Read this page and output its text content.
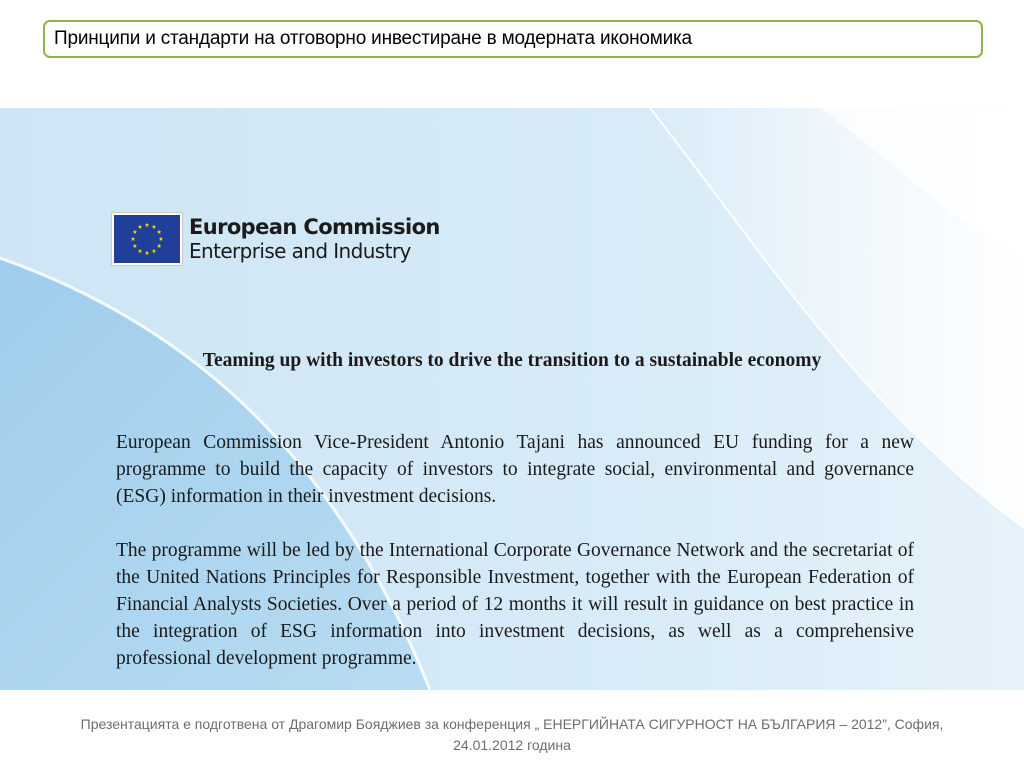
Принципи и стандарти на отговорно инвестиране в модерната икономика
European Commission
Enterprise and Industry
Teaming up with investors to drive the transition to a sustainable economy

European Commission Vice-President Antonio Tajani has announced EU funding for a new programme to build the capacity of investors to integrate social, environmental and governance (ESG) information in their investment decisions.

The programme will be led by the International Corporate Governance Network and the secretariat of the United Nations Principles for Responsible Investment, together with the European Federation of Financial Analysts Societies. Over a period of 12 months it will result in guidance on best practice in the integration of ESG information into investment decisions, as well as a comprehensive professional development programme.

Презентацията е подготвена от Драгомир Бояджиев за конференция „ ЕНЕРГИЙНАТА СИГУРНОСТ НА БЪЛГАРИЯ – 2012”, София,
24.01.2012 година
